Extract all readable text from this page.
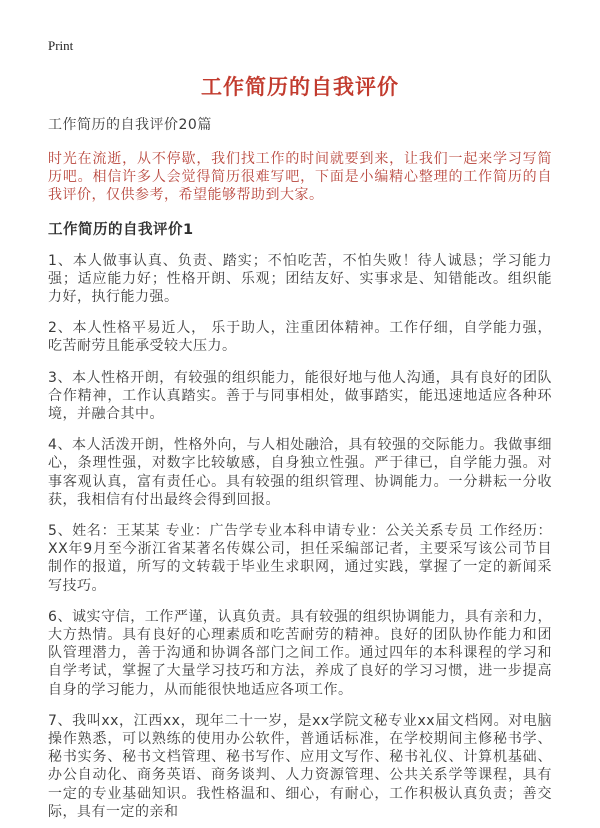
Print
工作简历的自我评价

工作简历的自我评价20篇

时光在流逝，从不停歇，我们找工作的时间就要到来，让我们一起来学习写简历吧。相信许多人会觉得简历很难写吧，下面是小编精心整理的工作简历的自我评价，仅供参考，希望能够帮助到大家。

工作简历的自我评价1

1、本人做事认真、负责、踏实；不怕吃苦，不怕失败！待人诚恳；学习能力强；适应能力好；性格开朗、乐观；团结友好、实事求是、知错能改。组织能力好，执行能力强。

2、本人性格平易近人， 乐于助人，注重团体精神。工作仔细，自学能力强，吃苦耐劳且能承受较大压力。

3、本人性格开朗，有较强的组织能力，能很好地与他人沟通，具有良好的团队合作精神，工作认真踏实。善于与同事相处，做事踏实，能迅速地适应各种环境，并融合其中。

4、本人活泼开朗，性格外向，与人相处融洽，具有较强的交际能力。我做事细心，条理性强，对数字比较敏感，自身独立性强。严于律已，自学能力强。对事客观认真，富有责任心。具有较强的组织管理、协调能力。一分耕耘一分收获，我相信有付出最终会得到回报。

5、姓名：王某某 专业：广告学专业本科申请专业：公关关系专员 工作经历：XX年9月至今浙江省某著名传媒公司，担任采编部记者，主要采写该公司节目制作的报道，所写的文转载于毕业生求职网，通过实践，掌握了一定的新闻采写技巧。

6、诚实守信，工作严谨，认真负责。具有较强的组织协调能力，具有亲和力，大方热情。具有良好的心理素质和吃苦耐劳的精神。良好的团队协作能力和团队管理潜力，善于沟通和协调各部门之间工作。通过四年的本科课程的学习和自学考试，掌握了大量学习技巧和方法，养成了良好的学习习惯，进一步提高自身的学习能力，从而能很快地适应各项工作。

7、我叫xx，江西xx，现年二十一岁，是xx学院文秘专业xx届文档网。对电脑操作熟悉，可以熟练的使用办公软件，普通话标准，在学校期间主修秘书学、秘书实务、秘书文档管理、秘书写作、应用文写作、秘书礼仪、计算机基础、办公自动化、商务英语、商务谈判、人力资源管理、公共关系学等课程，具有一定的专业基础知识。我性格温和、细心，有耐心，工作积极认真负责；善交际，具有一定的亲和
